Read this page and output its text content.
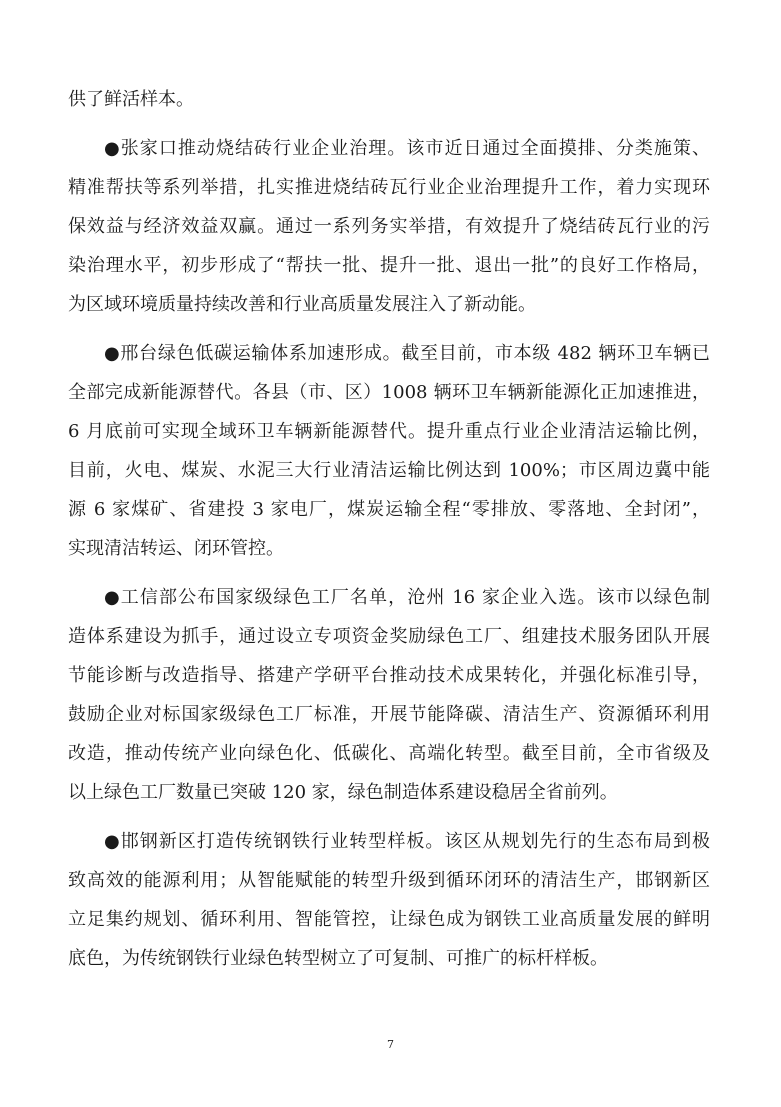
供了鲜活样本。
●张家口推动烧结砖行业企业治理。该市近日通过全面摸排、分类施策、
精准帮扶等系列举措，扎实推进烧结砖瓦行业企业治理提升工作，着力实现环
保效益与经济效益双赢。通过一系列务实举措，有效提升了烧结砖瓦行业的污
染治理水平，初步形成了“帮扶一批、提升一批、退出一批”的良好工作格局，
为区域环境质量持续改善和行业高质量发展注入了新动能。
●邢台绿色低碳运输体系加速形成。截至目前，市本级 482 辆环卫车辆已
全部完成新能源替代。各县（市、区）1008 辆环卫车辆新能源化正加速推进，
6 月底前可实现全域环卫车辆新能源替代。提升重点行业企业清洁运输比例，
目前，火电、煤炭、水泥三大行业清洁运输比例达到 100%；市区周边冀中能
源 6 家煤矿、省建投 3 家电厂，煤炭运输全程“零排放、零落地、全封闭”，
实现清洁转运、闭环管控。
●工信部公布国家级绿色工厂名单，沧州 16 家企业入选。该市以绿色制
造体系建设为抓手，通过设立专项资金奖励绿色工厂、组建技术服务团队开展
节能诊断与改造指导、搭建产学研平台推动技术成果转化，并强化标准引导，
鼓励企业对标国家级绿色工厂标准，开展节能降碳、清洁生产、资源循环利用
改造，推动传统产业向绿色化、低碳化、高端化转型。截至目前，全市省级及
以上绿色工厂数量已突破 120 家，绿色制造体系建设稳居全省前列。
●邯钢新区打造传统钢铁行业转型样板。该区从规划先行的生态布局到极
致高效的能源利用；从智能赋能的转型升级到循环闭环的清洁生产，邯钢新区
立足集约规划、循环利用、智能管控，让绿色成为钢铁工业高质量发展的鲜明
底色，为传统钢铁行业绿色转型树立了可复制、可推广的标杆样板。
7
